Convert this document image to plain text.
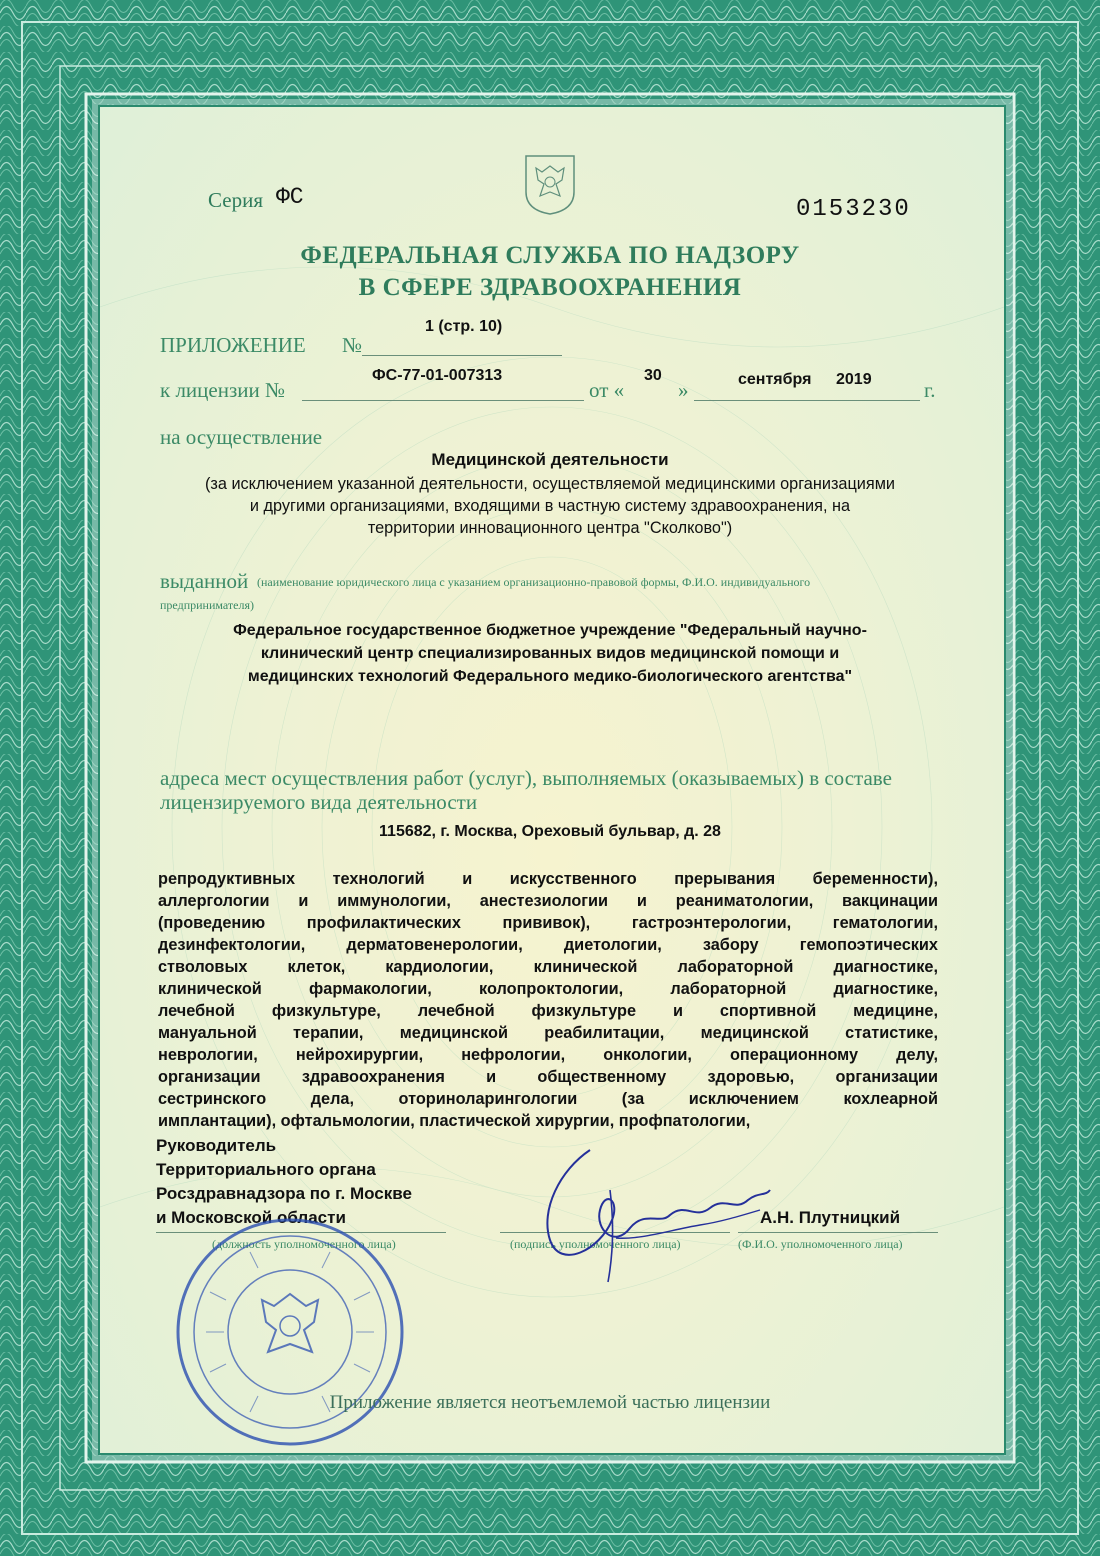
Серия ФС	0153230
ФЕДЕРАЛЬНАЯ СЛУЖБА ПО НАДЗОРУ
В СФЕРЕ ЗДРАВООХРАНЕНИЯ
ПРИЛОЖЕНИЕ №
1 (стр. 10)
к лицензии №
ФС-77-01-007313
от «
30
»	сентября 2019 г.
на осуществление
Медицинской деятельности
(за исключением указанной деятельности, осуществляемой медицинскими организациями
и другими организациями, входящими в частную систему здравоохранения, на
территории инновационного центра "Сколково")
выданной (наименование юридического лица с указанием организационно-правовой формы, Ф.И.О. индивидуального
предпринимателя)
Федеральное государственное бюджетное учреждение "Федеральный научно-
клинический центр специализированных видов медицинской помощи и
медицинских технологий Федерального медико-биологического агентства"
адреса мест осуществления работ (услуг), выполняемых (оказываемых) в составе
лицензируемого вида деятельности
115682, г. Москва, Ореховый бульвар, д. 28
репродуктивных технологий и искусственного прерывания беременности),
аллергологии и иммунологии, анестезиологии и реаниматологии, вакцинации
(проведению профилактических прививок), гастроэнтерологии, гематологии,
дезинфектологии, дерматовенерологии, диетологии, забору гемопоэтических
стволовых клеток, кардиологии, клинической лабораторной диагностике,
клинической фармакологии, колопроктологии, лабораторной диагностике,
лечебной физкультуре, лечебной физкультуре и спортивной медицине,
мануальной терапии, медицинской реабилитации, медицинской статистике,
неврологии, нейрохирургии, нефрологии, онкологии, операционному делу,
организации здравоохранения и общественному здоровью, организации
сестринского дела, оториноларингологии (за исключением кохлеарной
имплантации), офтальмологии, пластической хирургии, профпатологии,
Руководитель
Территориального органа
Росздравнадзора по г. Москве
и Московской области	А.Н. Плутницкий
(должность уполномоченного лица)	(подпись уполномоченного лица)	(Ф.И.О. уполномоченного лица)
Приложение является неотъемлемой частью лицензии
